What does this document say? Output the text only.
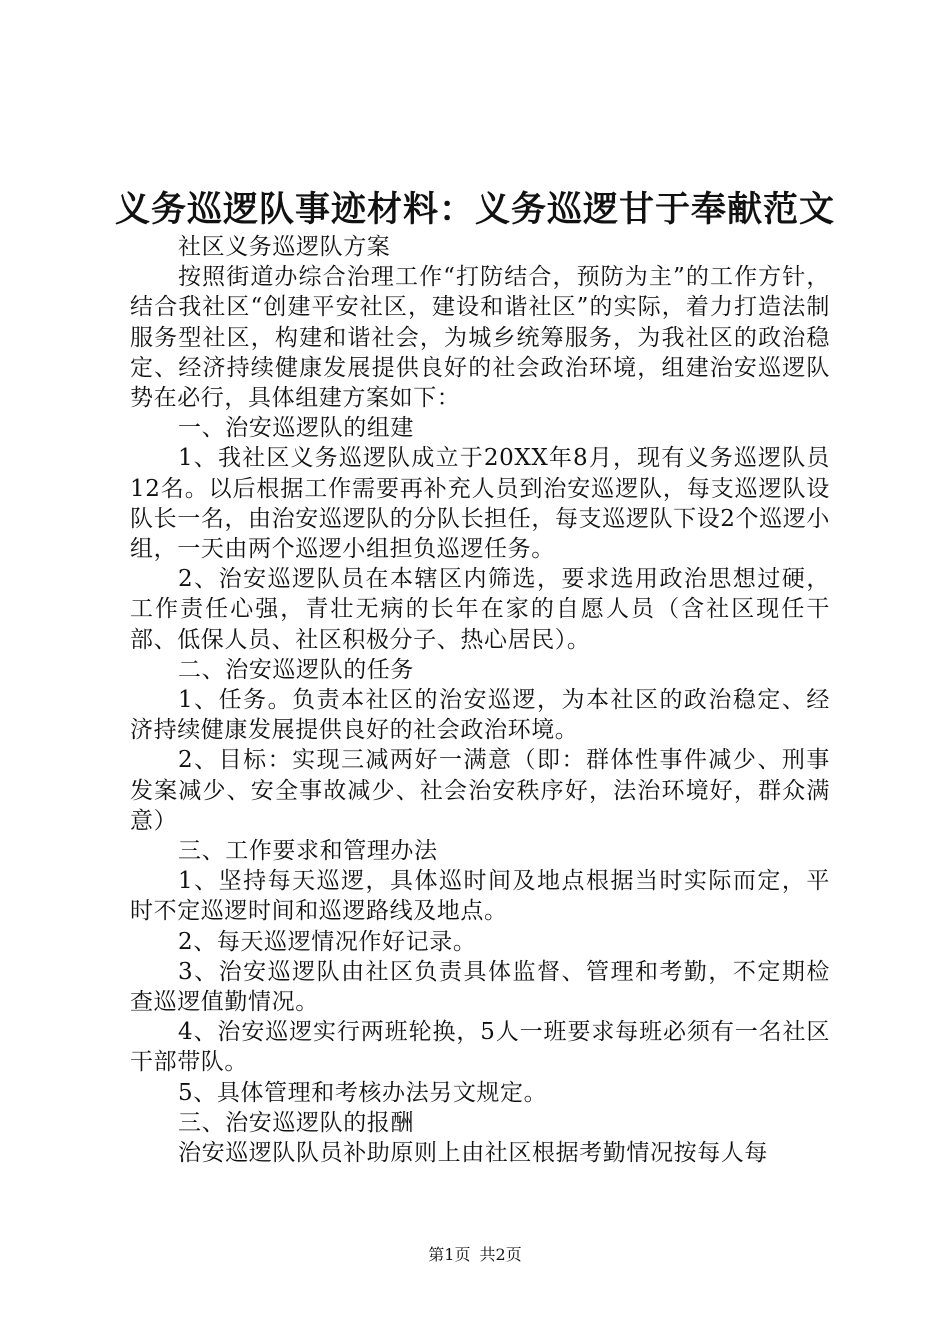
义务巡逻队事迹材料：义务巡逻甘于奉献范文

社区义务巡逻队方案

按照街道办综合治理工作“打防结合，预防为主”的工作方针，结合我社区“创建平安社区，建设和谐社区”的实际，着力打造法制服务型社区，构建和谐社会，为城乡统筹服务，为我社区的政治稳定、经济持续健康发展提供良好的社会政治环境，组建治安巡逻队势在必行，具体组建方案如下：

一、治安巡逻队的组建

1、我社区义务巡逻队成立于20XX年8月，现有义务巡逻队员12名。以后根据工作需要再补充人员到治安巡逻队，每支巡逻队设队长一名，由治安巡逻队的分队长担任，每支巡逻队下设2个巡逻小组，一天由两个巡逻小组担负巡逻任务。

2、治安巡逻队员在本辖区内筛选，要求选用政治思想过硬，工作责任心强，青壮无病的长年在家的自愿人员（含社区现任干部、低保人员、社区积极分子、热心居民）。

二、治安巡逻队的任务

1、任务。负责本社区的治安巡逻，为本社区的政治稳定、经济持续健康发展提供良好的社会政治环境。

2、目标：实现三减两好一满意（即：群体性事件减少、刑事发案减少、安全事故减少、社会治安秩序好，法治环境好，群众满意）

三、工作要求和管理办法

1、坚持每天巡逻，具体巡时间及地点根据当时实际而定，平时不定巡逻时间和巡逻路线及地点。

2、每天巡逻情况作好记录。

3、治安巡逻队由社区负责具体监督、管理和考勤，不定期检查巡逻值勤情况。

4、治安巡逻实行两班轮换，5人一班要求每班必须有一名社区干部带队。

5、具体管理和考核办法另文规定。

三、治安巡逻队的报酬

治安巡逻队队员补助原则上由社区根据考勤情况按每人每

第1页 共2页
